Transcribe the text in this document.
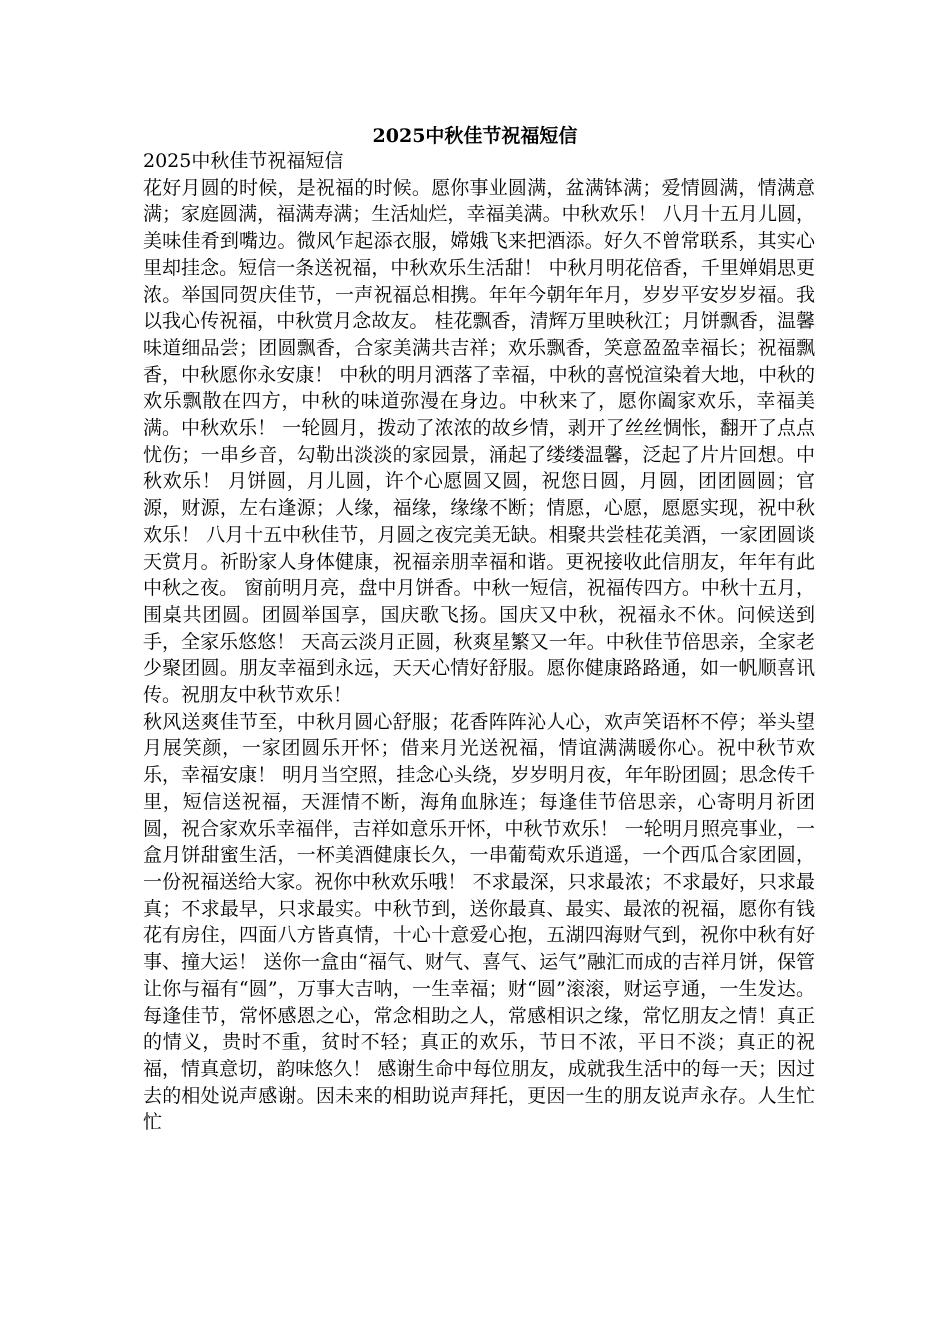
2025中秋佳节祝福短信

2025中秋佳节祝福短信

花好月圆的时候，是祝福的时候。愿你事业圆满，盆满钵满；爱情圆满，情满意满；家庭圆满，福满寿满；生活灿烂，幸福美满。中秋欢乐！ 八月十五月儿圆，美味佳肴到嘴边。微风乍起添衣服，嫦娥飞来把酒添。好久不曾常联系，其实心里却挂念。短信一条送祝福，中秋欢乐生活甜！ 中秋月明花倍香，千里婵娟思更浓。举国同贺庆佳节，一声祝福总相携。年年今朝年年月，岁岁平安岁岁福。我以我心传祝福，中秋赏月念故友。 桂花飘香，清辉万里映秋江；月饼飘香，温馨味道细品尝；团圆飘香，合家美满共吉祥；欢乐飘香，笑意盈盈幸福长；祝福飘香，中秋愿你永安康！ 中秋的明月洒落了幸福，中秋的喜悦渲染着大地，中秋的欢乐飘散在四方，中秋的味道弥漫在身边。中秋来了，愿你阖家欢乐，幸福美满。中秋欢乐！ 一轮圆月，拨动了浓浓的故乡情，剥开了丝丝惆怅，翻开了点点忧伤；一串乡音，勾勒出淡淡的家园景，涌起了缕缕温馨，泛起了片片回想。中秋欢乐！ 月饼圆，月儿圆，许个心愿圆又圆，祝您日圆，月圆，团团圆圆；官源，财源，左右逢源；人缘，福缘，缘缘不断；情愿，心愿，愿愿实现，祝中秋欢乐！ 八月十五中秋佳节，月圆之夜完美无缺。相聚共尝桂花美酒，一家团圆谈天赏月。祈盼家人身体健康，祝福亲朋幸福和谐。更祝接收此信朋友，年年有此中秋之夜。 窗前明月亮，盘中月饼香。中秋一短信，祝福传四方。中秋十五月，围桌共团圆。团圆举国享，国庆歌飞扬。国庆又中秋，祝福永不休。问候送到手，全家乐悠悠！ 天高云淡月正圆，秋爽星繁又一年。中秋佳节倍思亲，全家老少聚团圆。朋友幸福到永远，天天心情好舒服。愿你健康路路通，如一帆顺喜讯传。祝朋友中秋节欢乐！

秋风送爽佳节至，中秋月圆心舒服；花香阵阵沁人心，欢声笑语杯不停；举头望月展笑颜，一家团圆乐开怀；借来月光送祝福，情谊满满暖你心。祝中秋节欢乐，幸福安康！ 明月当空照，挂念心头绕，岁岁明月夜，年年盼团圆；思念传千里，短信送祝福，天涯情不断，海角血脉连；每逢佳节倍思亲，心寄明月祈团圆，祝合家欢乐幸福伴，吉祥如意乐开怀，中秋节欢乐！ 一轮明月照亮事业，一盒月饼甜蜜生活，一杯美酒健康长久，一串葡萄欢乐逍遥，一个西瓜合家团圆，一份祝福送给大家。祝你中秋欢乐哦！ 不求最深，只求最浓；不求最好，只求最真；不求最早，只求最实。中秋节到，送你最真、最实、最浓的祝福，愿你有钱花有房住，四面八方皆真情，十心十意爱心抱，五湖四海财气到，祝你中秋有好事、撞大运！ 送你一盒由“福气、财气、喜气、运气”融汇而成的吉祥月饼，保管让你与福有“圆”，万事大吉呐，一生幸福；财“圆”滚滚，财运亨通，一生发达。 每逢佳节，常怀感恩之心，常念相助之人，常感相识之缘，常忆朋友之情！真正的情义，贵时不重，贫时不轻；真正的欢乐，节日不浓，平日不淡；真正的祝福，情真意切，韵味悠久！ 感谢生命中每位朋友，成就我生活中的每一天；因过去的相处说声感谢。因未来的相助说声拜托，更因一生的朋友说声永存。人生忙忙
